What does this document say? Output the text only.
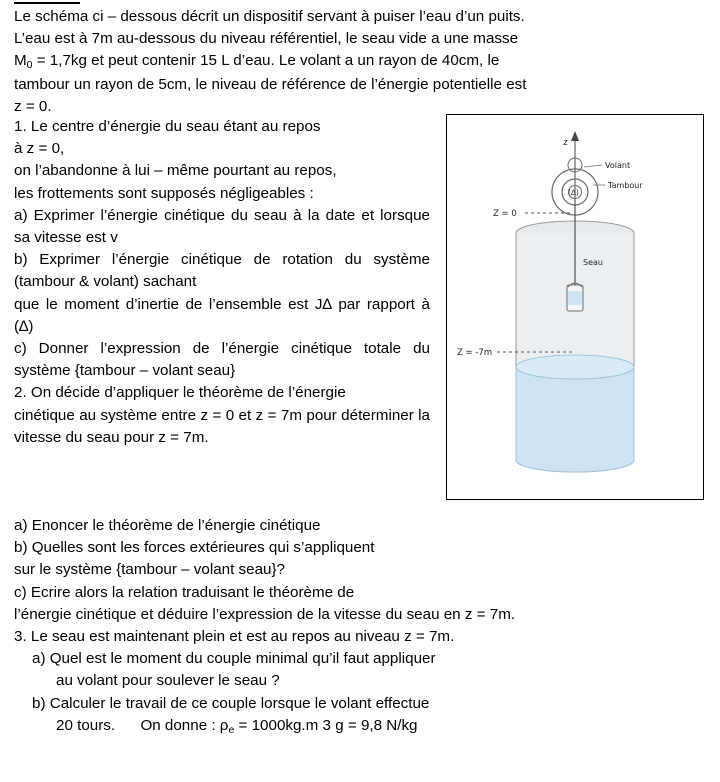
Le schéma ci – dessous décrit un dispositif servant à puiser l’eau d’un puits.
L’eau est à 7m au-dessous du niveau référentiel, le seau vide a une masse
$M_0 = 1,7kg$ et peut contenir 15 L d’eau. Le volant a un rayon de 40cm, le
tambour un rayon de 5cm, le niveau de référence de l’énergie potentielle est
z = 0.
1. Le centre d’énergie du seau étant au repos
à z = 0,
on l’abandonne à lui – même pourtant au repos,
les frottements sont supposés négligeables :
a) Exprimer l’énergie cinétique du seau à la date et lorsque sa vitesse est v
b) Exprimer l’énergie cinétique de rotation du système (tambour & volant) sachant
que le moment d’inertie de l’ensemble est J∆ par rapport à (∆)
c) Donner l’expression de l’énergie cinétique totale du système {tambour – volant seau}
2. On décide d’appliquer le théorème de l’énergie
cinétique au système entre z = 0 et z = 7m pour déterminer la vitesse du seau pour z = 7m.
z
(∆)
Volant
Tambour
Z = 0
Seau
Z = -7m
a) Enoncer le théorème de l’énergie cinétique
b) Quelles sont les forces extérieures qui s’appliquent
sur le système {tambour – volant seau}?
c) Ecrire alors la relation traduisant le théorème de
l’énergie cinétique et déduire l’expression de la vitesse du seau en z = 7m.
3. Le seau est maintenant plein et est au repos au niveau z = 7m.
a) Quel est le moment du couple minimal qu’il faut appliquer
au volant pour soulever le seau ?
b) Calculer le travail de ce couple lorsque le volant effectue
20 tours. On donne : $\rho_e = 1000kg.m$ 3 g = 9,8 N/kg
